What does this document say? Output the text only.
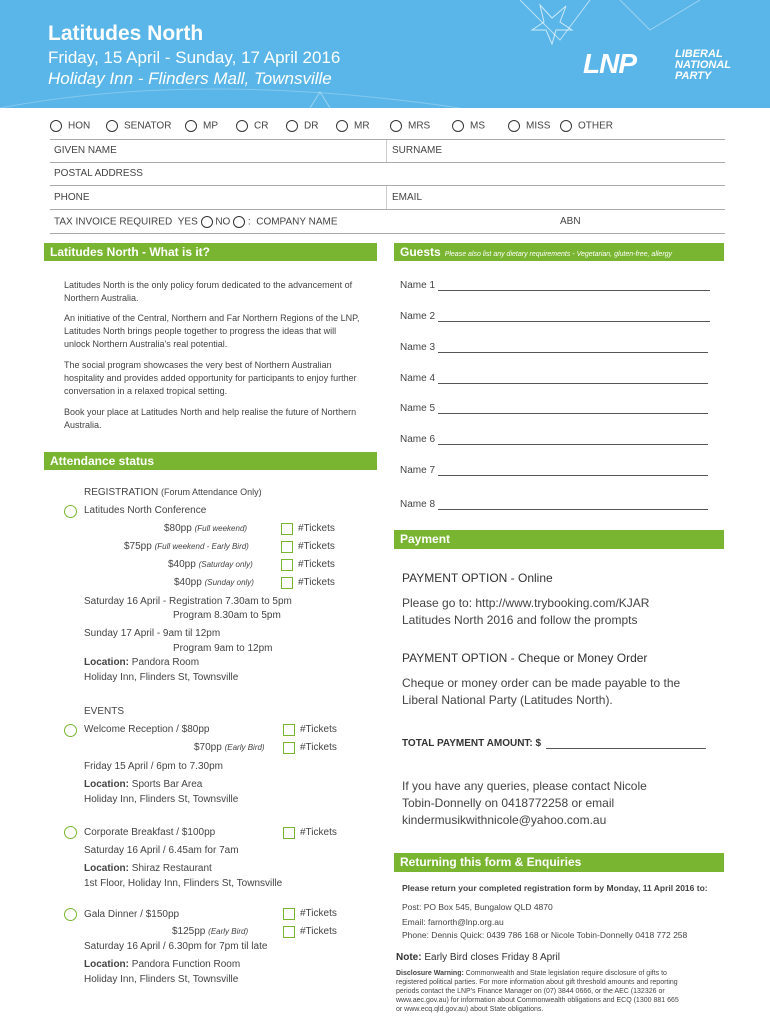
Latitudes North
Friday, 15 April - Sunday, 17 April 2016
Holiday Inn - Flinders Mall, Townsville	LNP	LIBERAL
NATIONAL
PARTY
HON	SENATOR	MP	CR	DR	MR	MRS	MS	MISS	OTHER
GIVEN NAME	SURNAME
POSTAL ADDRESS
PHONE	EMAIL
TAX INVOICE REQUIRED YES NO : COMPANY NAME	ABN
Latitudes North - What is it?
Latitudes North is the only policy forum dedicated to the advancement of Northern Australia.
An initiative of the Central, Northern and Far Northern Regions of the LNP, Latitudes North brings people together to progress the ideas that will unlock Northern Australia's real potential.
The social program showcases the very best of Northern Australian hospitality and provides added opportunity for participants to enjoy further conversation in a relaxed tropical setting.
Book your place at Latitudes North and help realise the future of Northern Australia.
Attendance status
REGISTRATION (Forum Attendance Only)
Latitudes North Conference
$80pp (Full weekend)	#Tickets
$75pp (Full weekend - Early Bird)	#Tickets
$40pp (Saturday only)	#Tickets
$40pp (Sunday only)	#Tickets
Saturday 16 April - Registration 7.30am to 5pm
Program 8.30am to 5pm
Sunday 17 April - 9am til 12pm
Program 9am to 12pm
Location: Pandora Room
Holiday Inn, Flinders St, Townsville
EVENTS
Welcome Reception / $80pp	#Tickets
$70pp (Early Bird)	#Tickets
Friday 15 April / 6pm to 7.30pm
Location: Sports Bar Area
Holiday Inn, Flinders St, Townsville
Corporate Breakfast / $100pp	#Tickets
Saturday 16 April / 6.45am for 7am
Location: Shiraz Restaurant
1st Floor, Holiday Inn, Flinders St, Townsville
Gala Dinner / $150pp	#Tickets
$125pp (Early Bird)	#Tickets
Saturday 16 April / 6.30pm for 7pm til late
Location: Pandora Function Room
Holiday Inn, Flinders St, Townsville
Guests Please also list any dietary requirements - Vegetarian, gluten-free, allergy
Name 1
Name 2
Name 3
Name 4
Name 5
Name 6
Name 7
Name 8
Payment
PAYMENT OPTION - Online
Please go to: http://www.trybooking.com/KJAR
Latitudes North 2016 and follow the prompts
PAYMENT OPTION - Cheque or Money Order
Cheque or money order can be made payable to the
Liberal National Party (Latitudes North).
TOTAL PAYMENT AMOUNT: $
If you have any queries, please contact Nicole
Tobin-Donnelly on 0418772258 or email
kindermusikwithnicole@yahoo.com.au
Returning this form & Enquiries
Please return your completed registration form by Monday, 11 April 2016 to:
Post: PO Box 545, Bungalow QLD 4870
Email: farnorth@lnp.org.au
Phone: Dennis Quick: 0439 786 168 or Nicole Tobin-Donnelly 0418 772 258
Note: Early Bird closes Friday 8 April
Disclosure Warning: Commonwealth and State legislation require disclosure of gifts to
registered political parties. For more information about gift threshold amounts and reporting
periods contact the LNP's Finance Manager on (07) 3844 0666, or the AEC (132326 or
www.aec.gov.au) for information about Commonwealth obligations and ECQ (1300 881 665
or www.ecq.qld.gov.au) about State obligations.
